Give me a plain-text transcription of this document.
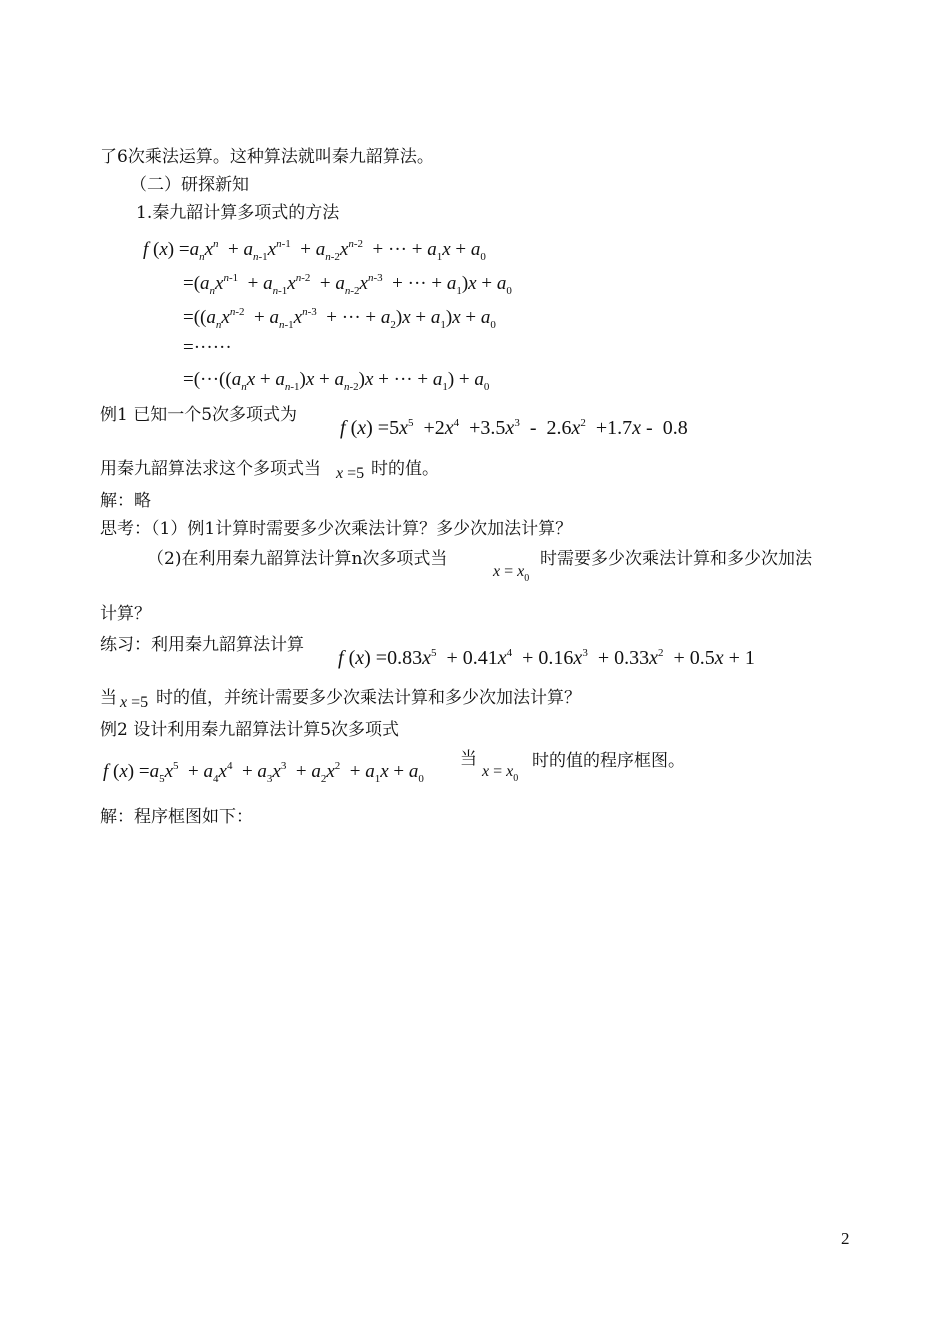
了6次乘法运算。这种算法就叫秦九韶算法。
（二）研探新知
1.秦九韶计算多项式的方法
f $(x) =a_nx^n + a_{n-1}x^{n-1} + a_{n-2}x^{n-2}$  + ··· + $a_1x + a_0$
$=(a_nx^{n-1} + a_{n-1}x^{n-2} + a_{n-2}x^{n-3}$  + ··· + $a_1)x + a_0$
$=((a_nx^{n-2} + a_{n-1}x^{n-3}$  + ··· + $a_2)x + a_1)x + a_0$
=······
$=(\cdot\cdot\cdot((a_nx + a_{n-1})x + a_{n-2})x$ + ··· + $a_1) + a_0$
例1 已知一个5次多项式为
f $(x) =5x^5 +2x^4 +3.5x^3 - 2.6x^2 +1.7x - 0.8$
用秦九韶算法求这个多项式当 x =5 时的值。
解：略
思考：（1）例1计算时需要多少次乘法计算？多少次加法计算？
（2)在利用秦九韶算法计算n次多项式当
$x = x_0$
时需要多少次乘法计算和多少次加法
计算？
练习：利用秦九韶算法计算
f $(x) =0.83x^5 + 0.41x^4 + 0.16x^3 + 0.33x^2 + 0.5x + 1$
当 x =5 时的值，并统计需要多少次乘法计算和多少次加法计算？
例2 设计利用秦九韶算法计算5次多项式
f $(x) =a_5x^5 + a_4x^4 + a_3x^3 + a_2x^2 + a_1x + a_0$
当
$x = x_0$
时的值的程序框图。
解：程序框图如下：
2
